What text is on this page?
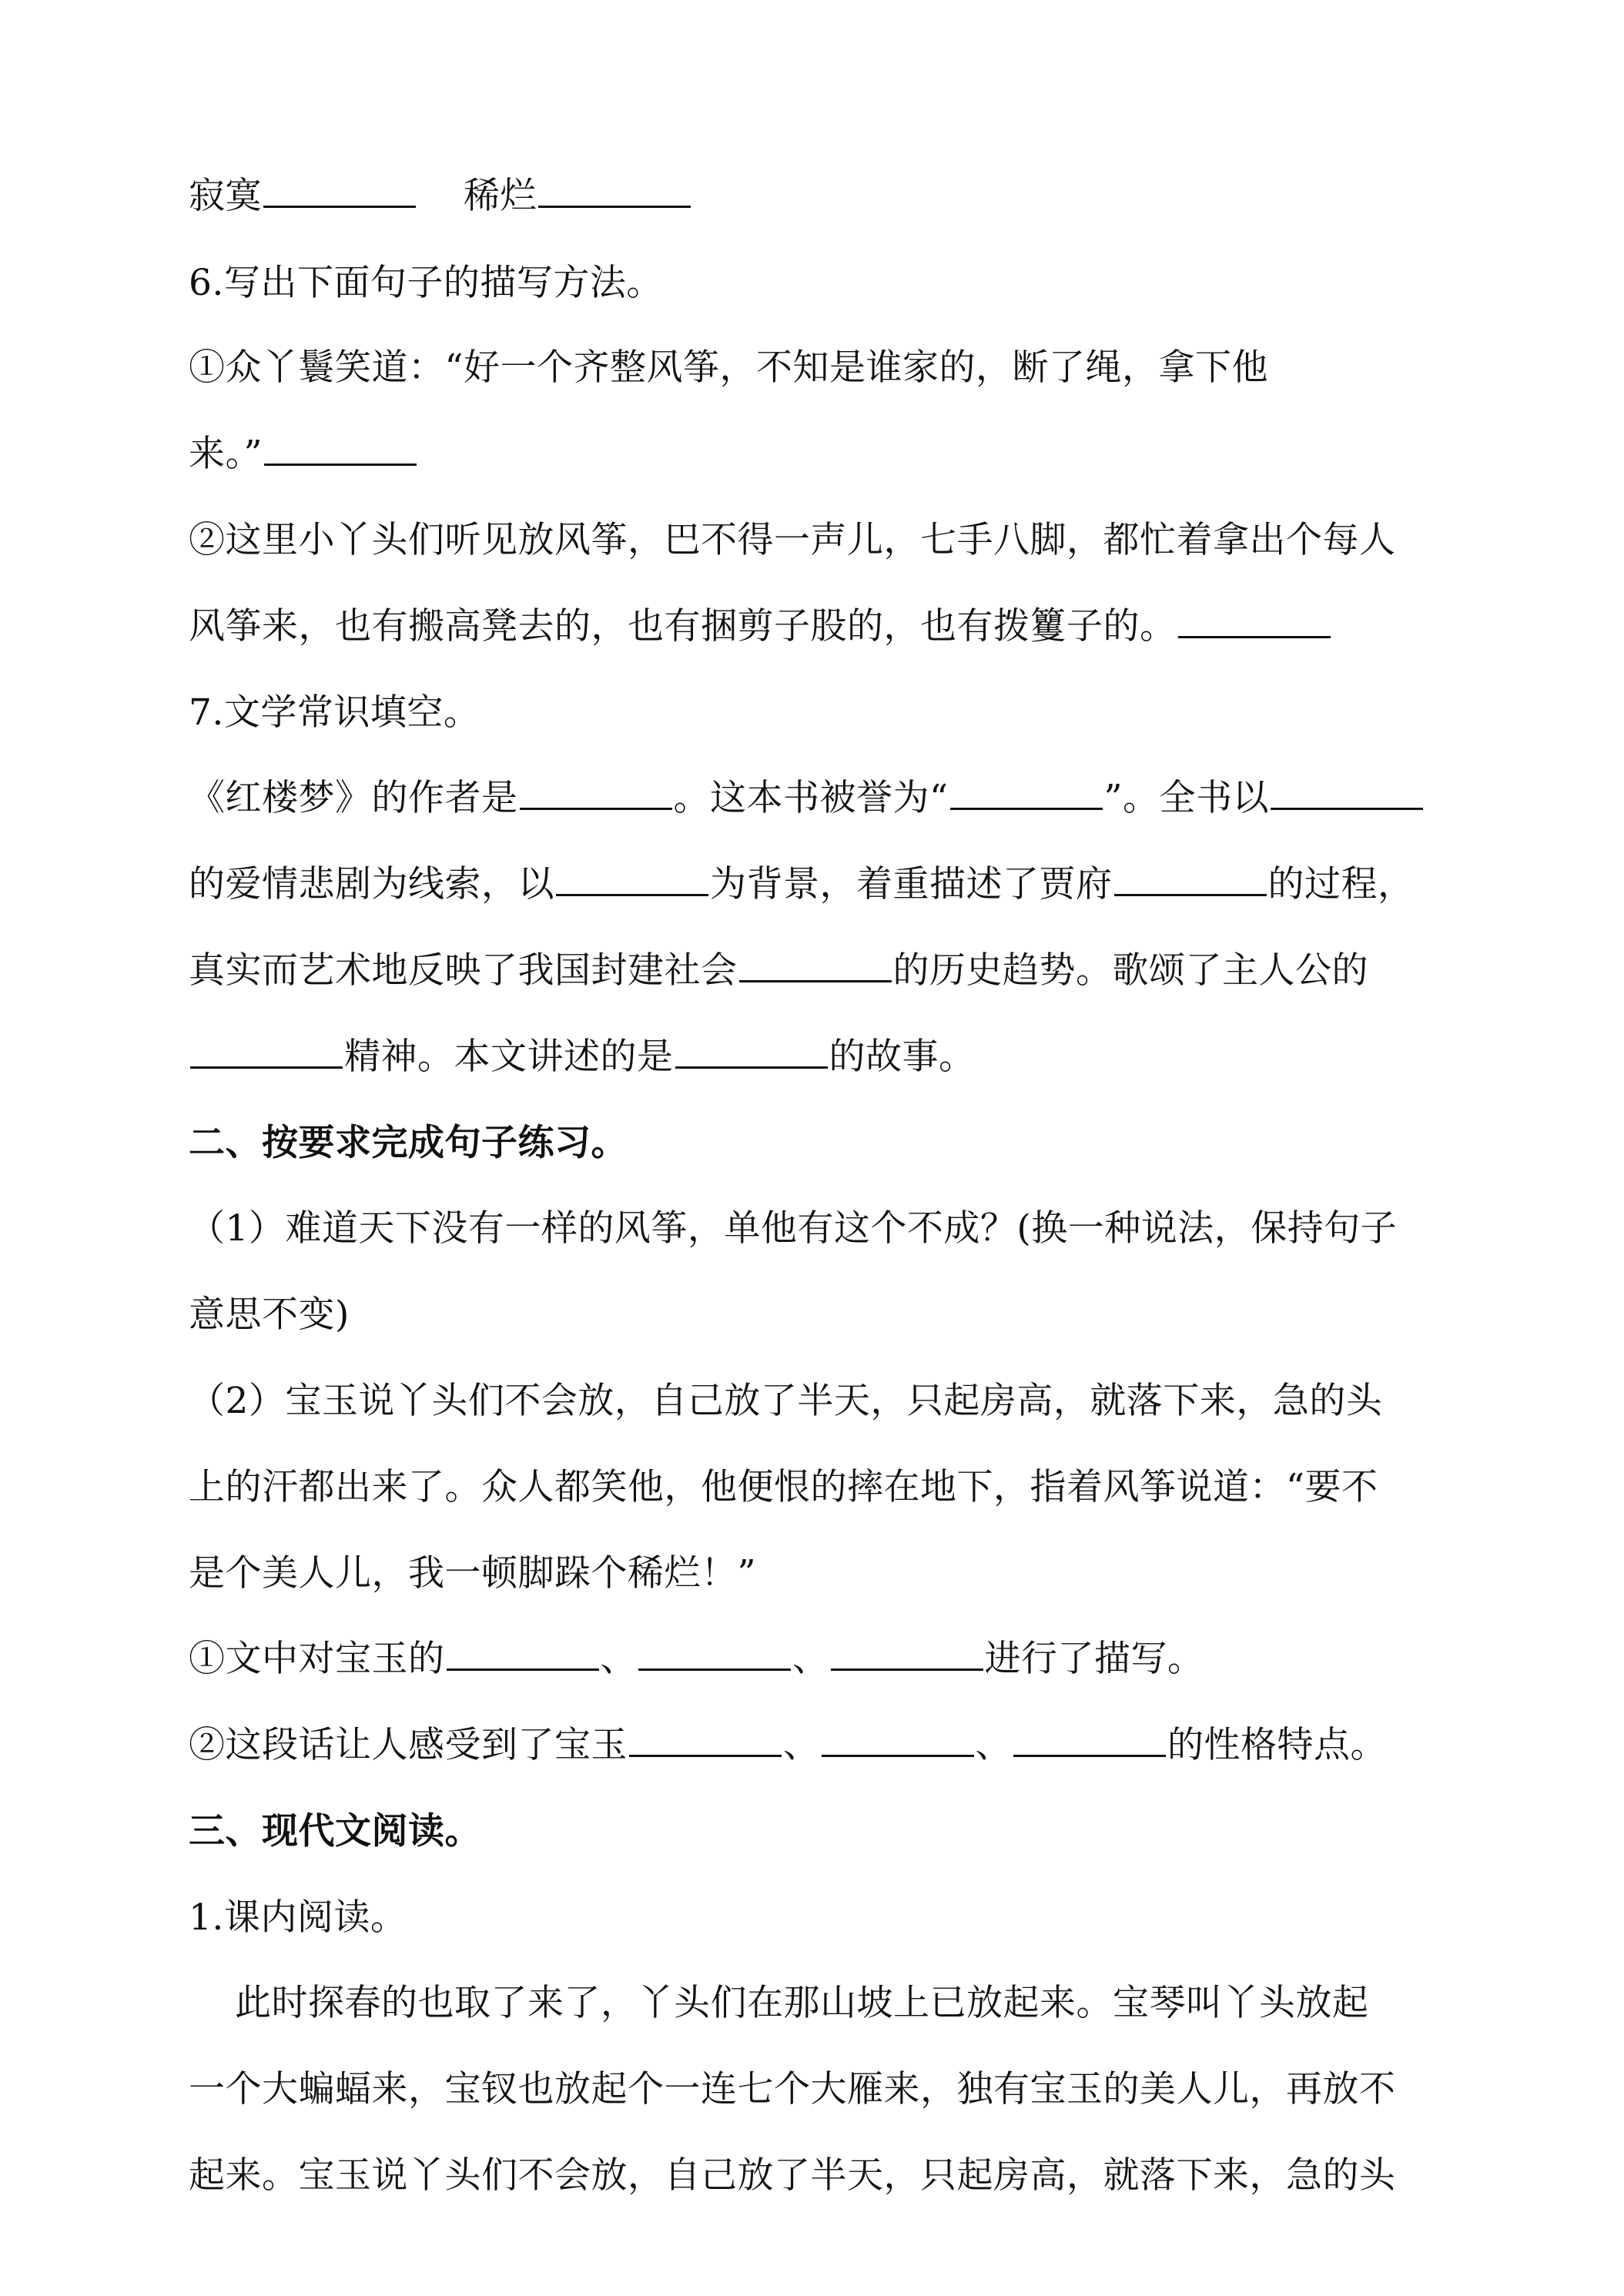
寂寞	稀烂
6.写出下面句子的描写方法。
①众丫鬟笑道：“好一个齐整风筝，不知是谁家的，断了绳，拿下他
来。”
②这里小丫头们听见放风筝，巴不得一声儿，七手八脚，都忙着拿出个每人
风筝来，也有搬高凳去的，也有捆剪子股的，也有拨籰子的。
7.文学常识填空。
《红楼梦》的作者是	。这本书被誉为“	”。全书以
的爱情悲剧为线索，以	为背景，着重描述了贾府	的过程，
真实而艺术地反映了我国封建社会	的历史趋势。歌颂了主人公的
精神。本文讲述的是	的故事。
二、按要求完成句子练习。
（1）难道天下没有一样的风筝，单他有这个不成？(换一种说法，保持句子
意思不变)
（2）宝玉说丫头们不会放，自己放了半天，只起房高，就落下来，急的头
上的汗都出来了。众人都笑他，他便恨的摔在地下，指着风筝说道：“要不
是个美人儿，我一顿脚跺个稀烂！”
①文中对宝玉的	、	、	进行了描写。
②这段话让人感受到了宝玉	、	、	的性格特点。
三、现代文阅读。
1.课内阅读。
此时探春的也取了来了，丫头们在那山坡上已放起来。宝琴叫丫头放起
一个大蝙蝠来，宝钗也放起个一连七个大雁来，独有宝玉的美人儿，再放不
起来。宝玉说丫头们不会放，自己放了半天，只起房高，就落下来，急的头
